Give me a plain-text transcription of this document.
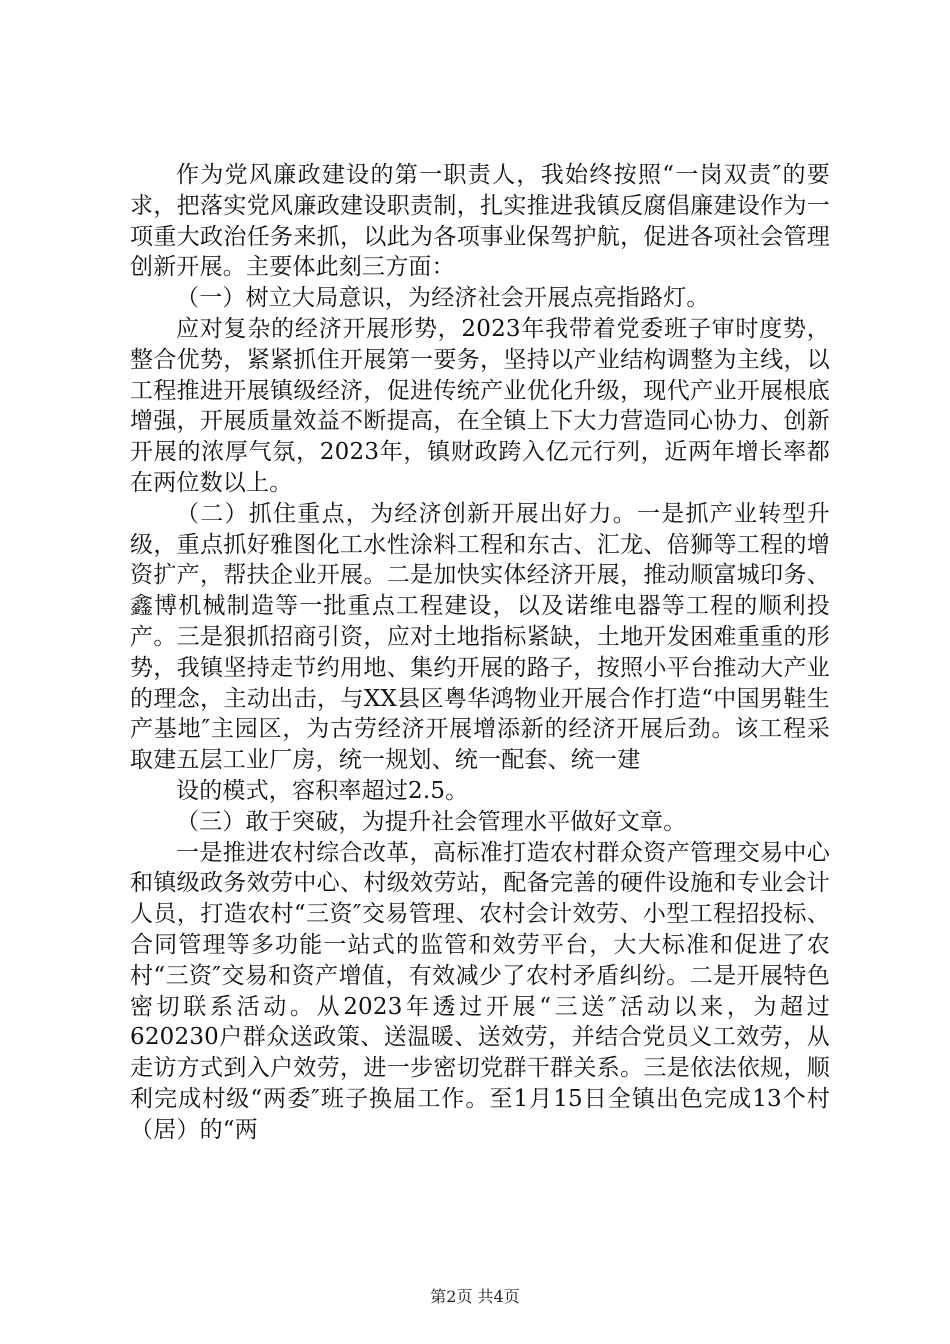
作为党风廉政建设的第一职责人，我始终按照“一岗双责″的要求，把落实党风廉政建设职责制，扎实推进我镇反腐倡廉建设作为一项重大政治任务来抓，以此为各项事业保驾护航，促进各项社会管理创新开展。主要体此刻三方面：

（一）树立大局意识，为经济社会开展点亮指路灯。

应对复杂的经济开展形势，2023年我带着党委班子审时度势，整合优势，紧紧抓住开展第一要务，坚持以产业结构调整为主线，以工程推进开展镇级经济，促进传统产业优化升级，现代产业开展根底增强，开展质量效益不断提高，在全镇上下大力营造同心协力、创新开展的浓厚气氛，2023年，镇财政跨入亿元行列，近两年增长率都在两位数以上。

（二）抓住重点，为经济创新开展出好力。一是抓产业转型升级，重点抓好雅图化工水性涂料工程和东古、汇龙、倍狮等工程的增资扩产，帮扶企业开展。二是加快实体经济开展，推动顺富城印务、鑫博机械制造等一批重点工程建设，以及诺维电器等工程的顺利投产。三是狠抓招商引资，应对土地指标紧缺，土地开发困难重重的形势，我镇坚持走节约用地、集约开展的路子，按照小平台推动大产业的理念，主动出击，与XX县区粤华鸿物业开展合作打造“中国男鞋生产基地″主园区，为古劳经济开展增添新的经济开展后劲。该工程采取建五层工业厂房，统一规划、统一配套、统一建

设的模式，容积率超过2.5。

（三）敢于突破，为提升社会管理水平做好文章。

一是推进农村综合改革，高标准打造农村群众资产管理交易中心和镇级政务效劳中心、村级效劳站，配备完善的硬件设施和专业会计人员，打造农村“三资″交易管理、农村会计效劳、小型工程招投标、合同管理等多功能一站式的监管和效劳平台，大大标准和促进了农村“三资″交易和资产增值，有效减少了农村矛盾纠纷。二是开展特色密切联系活动。从2023年透过开展“三送″活动以来，为超过620230户群众送政策、送温暖、送效劳，并结合党员义工效劳，从走访方式到入户效劳，进一步密切党群干群关系。三是依法依规，顺利完成村级“两委″班子换届工作。至1月15日全镇出色完成13个村（居）的“两

第2页 共4页
